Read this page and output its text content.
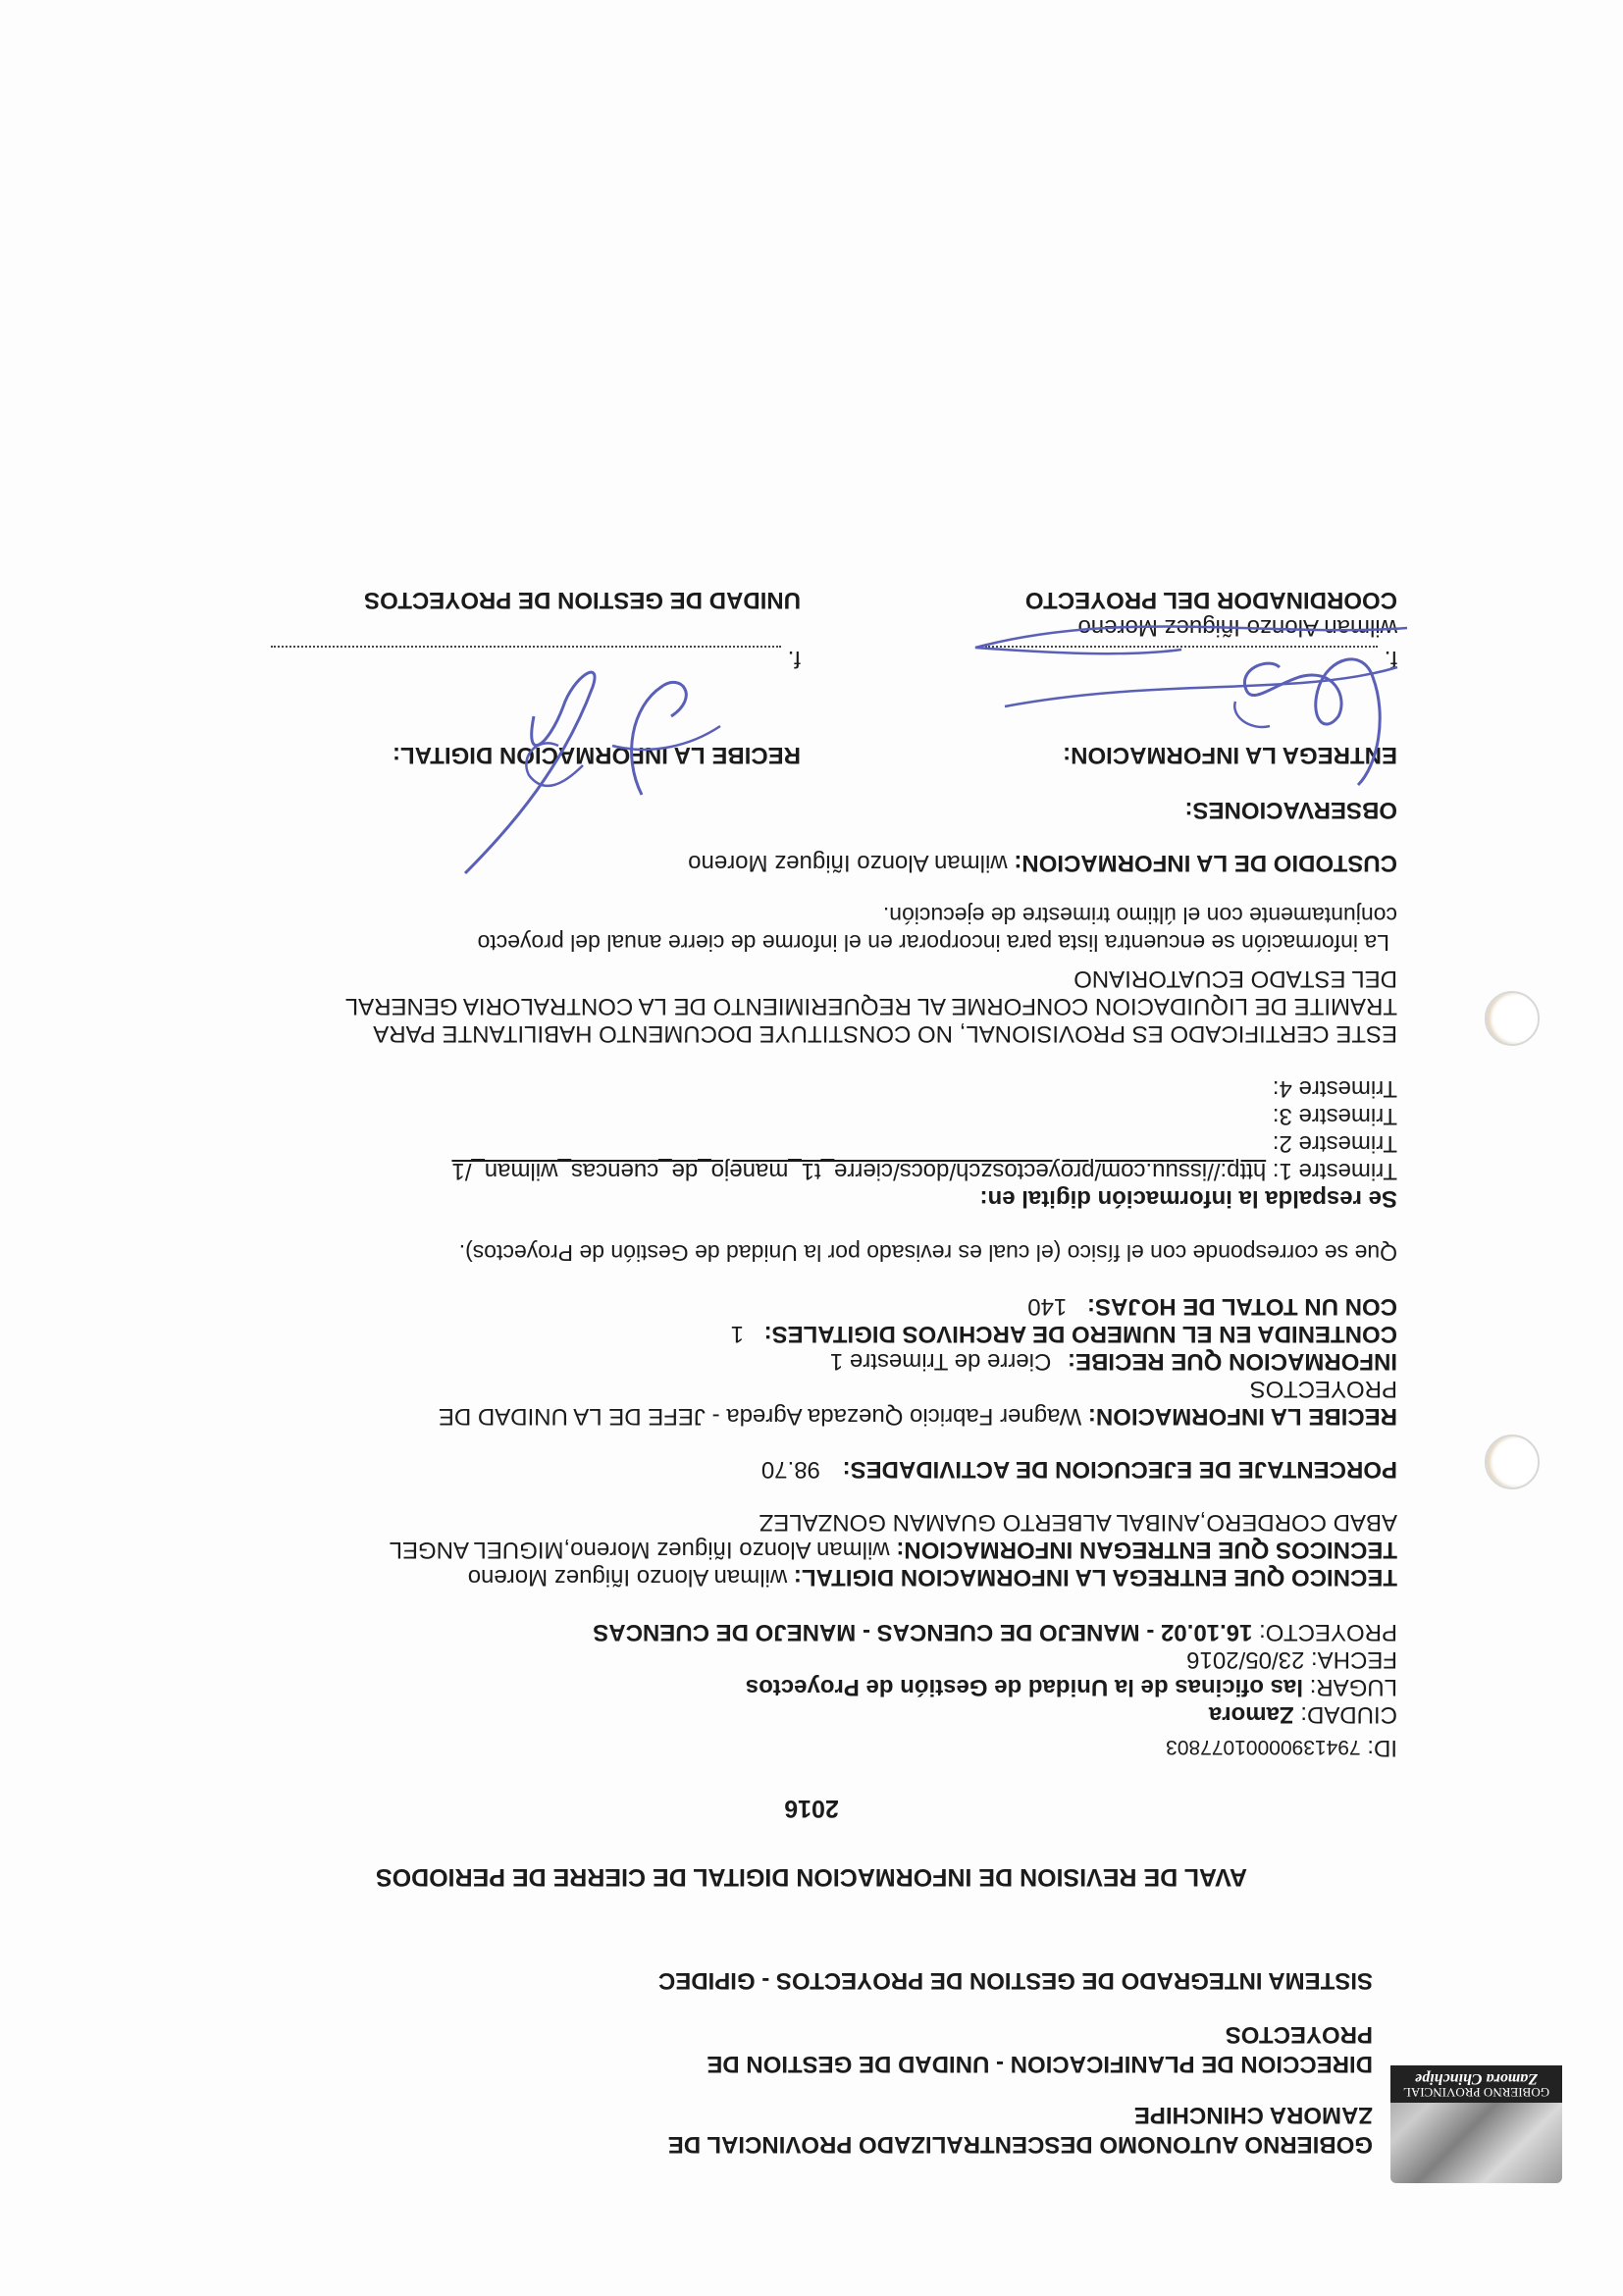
GOBIERNO PROVINCIAL
Zamora Chinchipe
GOBIERNO AUTONOMO DESCENTRALIZADO PROVINCIAL DE
ZAMORA CHINCHIPE
DIRECCION DE PLANIFICACION - UNIDAD DE GESTION DE
PROYECTOS
SISTEMA INTEGRADO DE GESTION DE PROYECTOS - GIPIDEC
AVAL DE REVISION DE INFORMACION DIGITAL DE CIERRE DE PERIODOS
2016
ID: 79413900001077803
CIUDAD: Zamora
LUGAR: las oficinas de la Unidad de Gestión de Proyectos
FECHA: 23/05/2016
PROYECTO: 16.10.02 - MANEJO DE CUENCAS - MANEJO DE CUENCAS
TECNICO QUE ENTREGA LA INFORMACION DIGITAL: wilman Alonzo Iñiguez Moreno
TECNICOS QUE ENTREGAN INFORMACION: wilman Alonzo Iñiguez Moreno,MIGUEL ANGEL
ABAD CORDERO,ANIBAL ALBERTO GUAMAN GONZALEZ
PORCENTAJE DE EJECUCION DE ACTIVIDADES: 98.70
RECIBE LA INFORMACION: Wagner Fabricio Quezada Agreda - JEFE DE LA UNIDAD DE
PROYECTOS
INFORMACION QUE RECIBE: Cierre de Trimestre 1
CONTENIDA EN EL NUMERO DE ARCHIVOS DIGITALES: 1
CON UN TOTAL DE HOJAS: 140
Que se corresponde con el físico (el cual es revisado por la Unidad de Gestión de Proyectos).
Se respalda la información digital en:
Trimestre 1: http://issuu.com/proyectoszch/docs/cierre_t1_manejo_de_cuencas_wilman_/1
Trimestre 2:
Trimestre 3:
Trimestre 4:
ESTE CERTIFICADO ES PROVISIONAL, NO CONSTITUYE DOCUMENTO HABILITANTE PARA
TRAMITE DE LIQUIDACION CONFORME AL REQUERIMIENTO DE LA CONTRALORIA GENERAL
DEL ESTADO ECUATORIANO
La información se encuentra lista para incorporar en el informe de cierre anual del proyecto
conjuntamente con el último trimestre de ejecución.
CUSTODIO DE LA INFORMACION: wilman Alonzo Iñiguez Moreno
OBSERVACIONES:
ENTREGA LA INFORMACION:
RECIBE LA INFORMACION DIGITAL:
f.
wilman Alonzo Iñiguez Moreno
COORDINADOR DEL PROYECTO
f.
UNIDAD DE GESTION DE PROYECTOS
